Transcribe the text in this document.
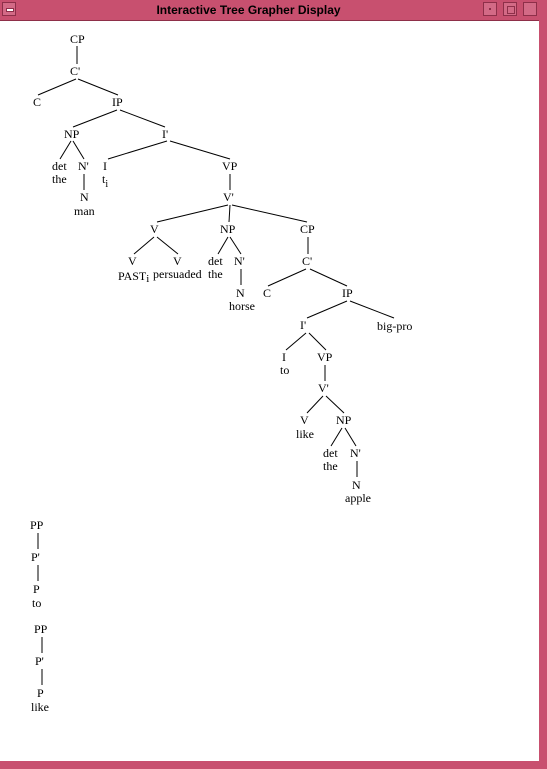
Interactive Tree Grapher Display
CP
C'
C	IP
NP	I'
det
the
N'
N
man
I
$t_i$
VP
V'
V
V	V
PASTi persuaded
NP
det
the
N'
N
horse
CP
C'
C	IP
I'	big-pro
I
to
VP
V'
V
like
NP
det
the
N'
N
apple
PP
P'
P
to
PP
P'
P
like
